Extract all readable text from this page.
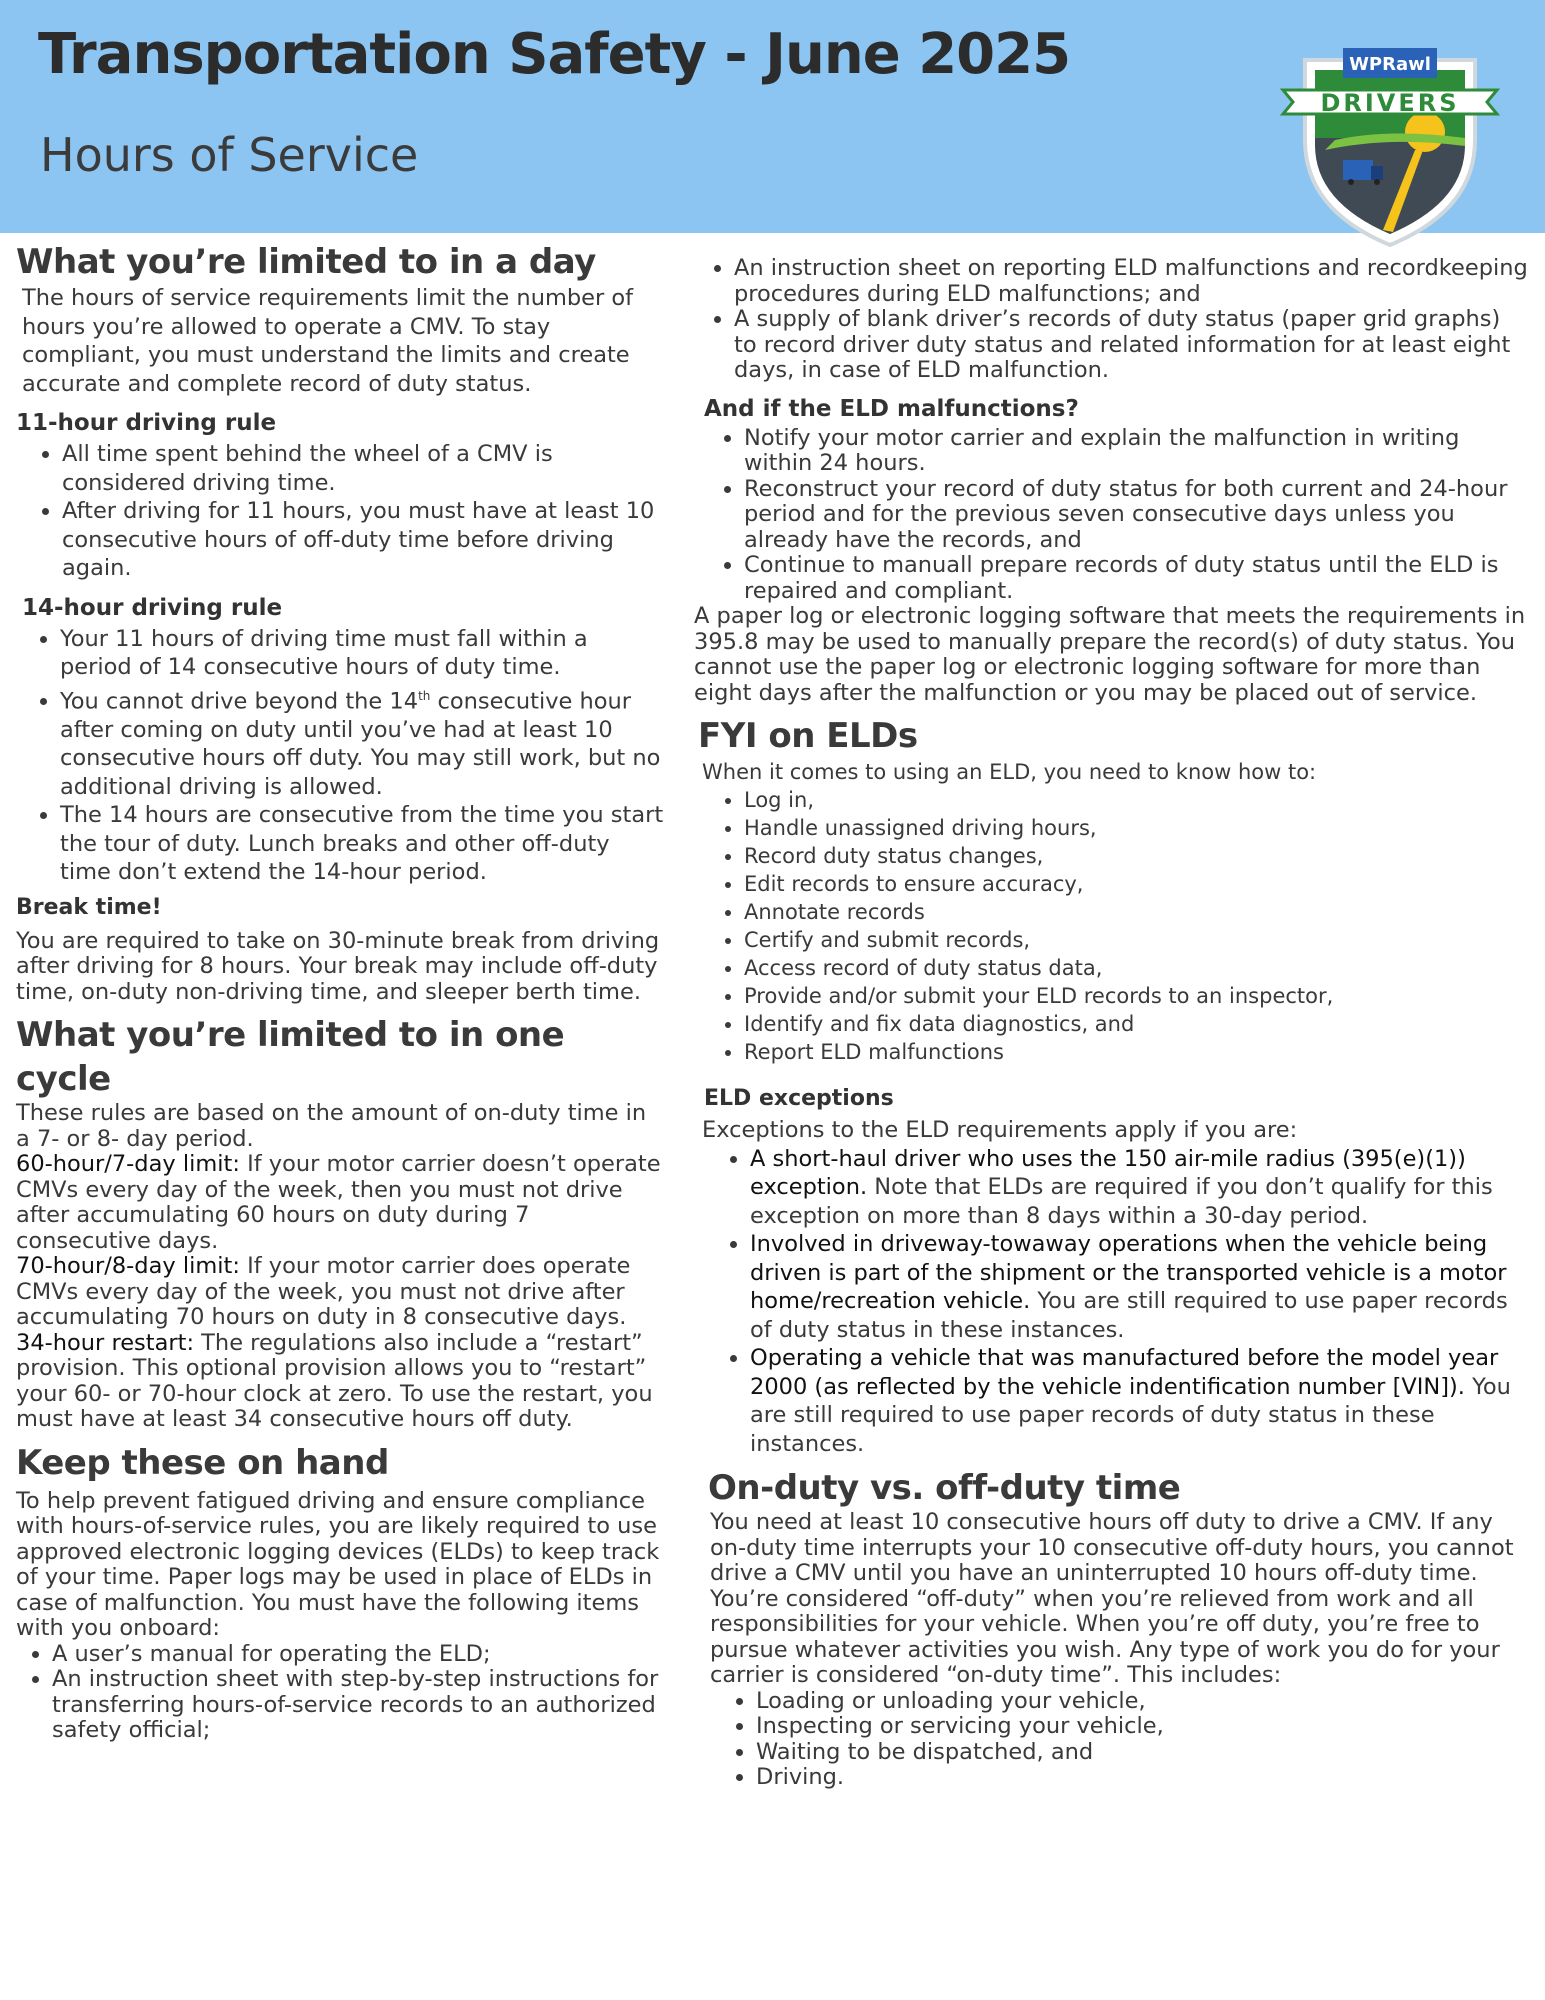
Transportation Safety - June 2025
Hours of Service
DRIVERS
WPRawl
What you’re limited to in a day

The hours of service requirements limit the number of hours you’re allowed to operate a CMV. To stay compliant, you must understand the limits and create accurate and complete record of duty status.

11-hour driving rule
• All time spent behind the wheel of a CMV is considered driving time.
• After driving for 11 hours, you must have at least 10 consecutive hours of off-duty time before driving again.
14-hour driving rule
• Your 11 hours of driving time must fall within a period of 14 consecutive hours of duty time.
• You cannot drive beyond the 14th consecutive hour after coming on duty until you’ve had at least 10 consecutive hours off duty. You may still work, but no additional driving is allowed.
• The 14 hours are consecutive from the time you start the tour of duty. Lunch breaks and other off-duty time don’t extend the 14-hour period.
Break time!

You are required to take on 30-minute break from driving after driving for 8 hours. Your break may include off-duty time, on-duty non-driving time, and sleeper berth time.

What you’re limited to in one cycle

These rules are based on the amount of on-duty time in a 7- or 8- day period.

60-hour/7-day limit: If your motor carrier doesn’t operate CMVs every day of the week, then you must not drive after accumulating 60 hours on duty during 7 consecutive days.

70-hour/8-day limit: If your motor carrier does operate CMVs every day of the week, you must not drive after accumulating 70 hours on duty in 8 consecutive days.

34-hour restart: The regulations also include a “restart” provision. This optional provision allows you to “restart” your 60- or 70-hour clock at zero. To use the restart, you must have at least 34 consecutive hours off duty.

Keep these on hand

To help prevent fatigued driving and ensure compliance with hours-of-service rules, you are likely required to use approved electronic logging devices (ELDs) to keep track of your time. Paper logs may be used in place of ELDs in case of malfunction. You must have the following items with you onboard:

• A user’s manual for operating the ELD;
• An instruction sheet with step-by-step instructions for transferring hours-of-service records to an authorized safety official;
• An instruction sheet on reporting ELD malfunctions and recordkeeping procedures during ELD malfunctions; and
• A supply of blank driver’s records of duty status (paper grid graphs) to record driver duty status and related information for at least eight days, in case of ELD malfunction.
And if the ELD malfunctions?
• Notify your motor carrier and explain the malfunction in writing within 24 hours.
• Reconstruct your record of duty status for both current and 24-hour period and for the previous seven consecutive days unless you already have the records, and
• Continue to manuall prepare records of duty status until the ELD is repaired and compliant.

A paper log or electronic logging software that meets the requirements in 395.8 may be used to manually prepare the record(s) of duty status. You cannot use the paper log or electronic logging software for more than eight days after the malfunction or you may be placed out of service.

FYI on ELDs

When it comes to using an ELD, you need to know how to:

• Log in,
• Handle unassigned driving hours,
• Record duty status changes,
• Edit records to ensure accuracy,
• Annotate records
• Certify and submit records,
• Access record of duty status data,
• Provide and/or submit your ELD records to an inspector,
• Identify and fix data diagnostics, and
• Report ELD malfunctions
ELD exceptions

Exceptions to the ELD requirements apply if you are:

• A short-haul driver who uses the 150 air-mile radius (395(e)(1)) exception. Note that ELDs are required if you don’t qualify for this exception on more than 8 days within a 30-day period.
• Involved in driveway-towaway operations when the vehicle being driven is part of the shipment or the transported vehicle is a motor home/recreation vehicle. You are still required to use paper records of duty status in these instances.
• Operating a vehicle that was manufactured before the model year 2000 (as reflected by the vehicle indentification number [VIN]). You are still required to use paper records of duty status in these instances.
On-duty vs. off-duty time

You need at least 10 consecutive hours off duty to drive a CMV. If any on-duty time interrupts your 10 consecutive off-duty hours, you cannot drive a CMV until you have an uninterrupted 10 hours off-duty time. You’re considered “off-duty” when you’re relieved from work and all responsibilities for your vehicle. When you’re off duty, you’re free to pursue whatever activities you wish. Any type of work you do for your carrier is considered “on-duty time”. This includes:

• Loading or unloading your vehicle,
• Inspecting or servicing your vehicle,
• Waiting to be dispatched, and
• Driving.
